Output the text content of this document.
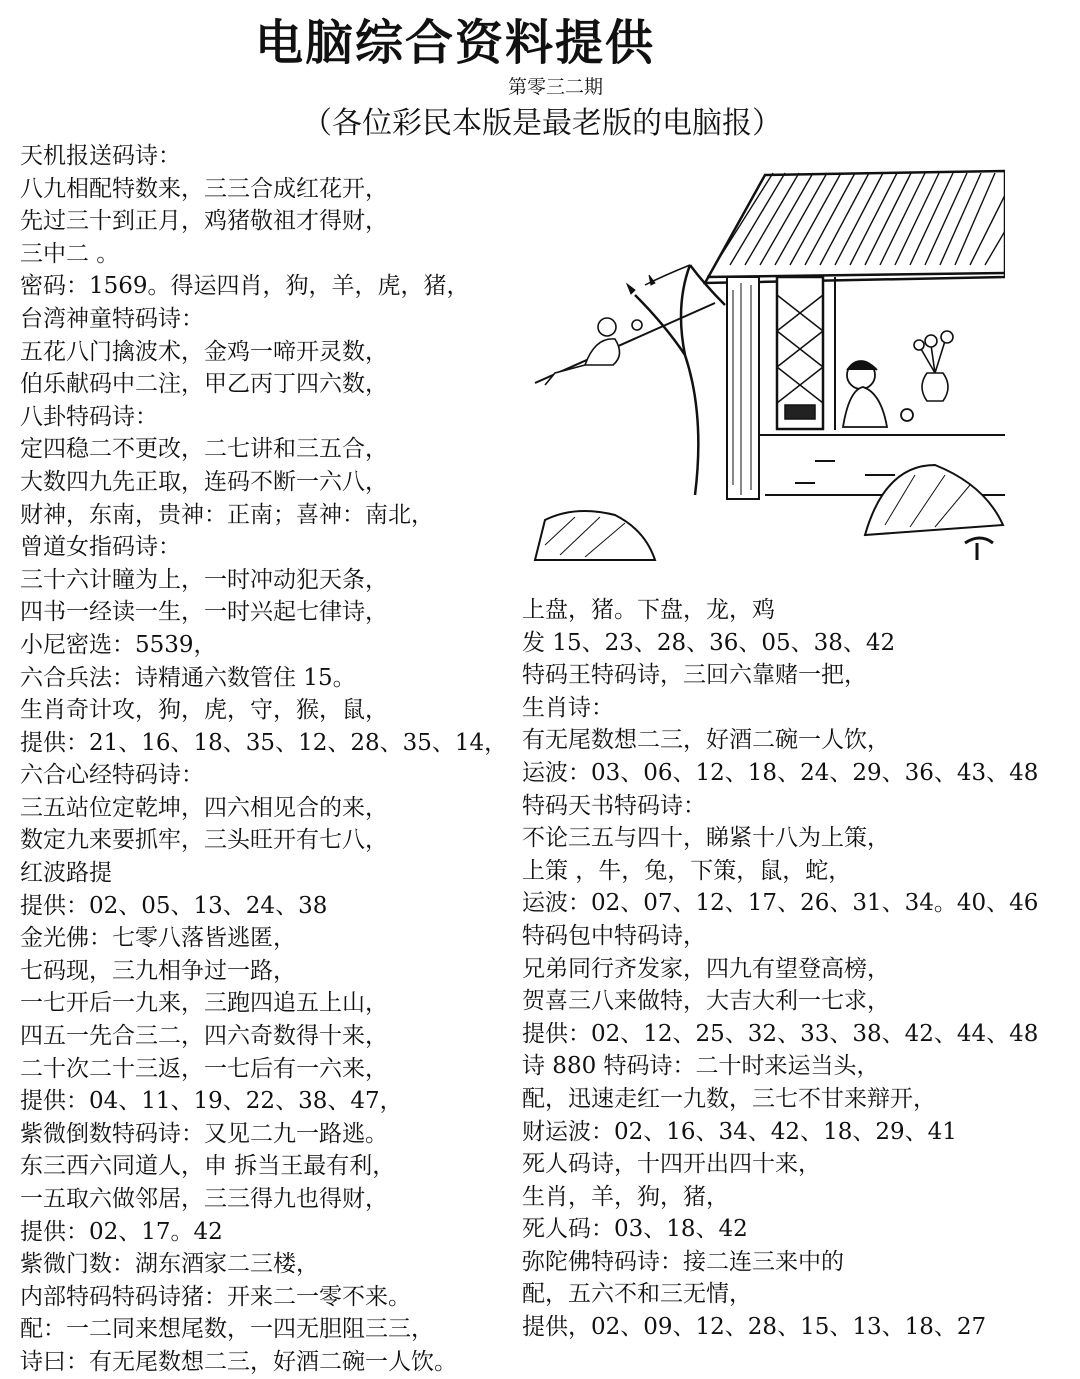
电脑综合资料提供
第零三二期
（各位彩民本版是最老版的电脑报）
天机报送码诗：
八九相配特数来，三三合成红花开，
先过三十到正月，鸡猪敬祖才得财，
三中二 。
密码：1569。得运四肖，狗，羊，虎，猪，
台湾神童特码诗：
五花八门擒波术，金鸡一啼开灵数，
伯乐献码中二注，甲乙丙丁四六数，
八卦特码诗：
定四稳二不更改，二七讲和三五合，
大数四九先正取，连码不断一六八，
财神，东南，贵神：正南；喜神：南北，
曾道女指码诗：
三十六计瞳为上，一时冲动犯天条，
四书一经读一生，一时兴起七律诗，
小尼密选：5539，
六合兵法：诗精通六数管住 15。
生肖奇计攻，狗，虎，守，猴，鼠，
提供：21、16、18、35、12、28、35、14，
六合心经特码诗：
三五站位定乾坤，四六相见合的来，
数定九来要抓牢，三头旺开有七八，
红波路提
提供：02、05、13、24、38
金光佛：七零八落皆逃匿，
七码现，三九相争过一路，
一七开后一九来，三跑四追五上山，
四五一先合三二，四六奇数得十来，
二十次二十三返，一七后有一六来，
提供：04、11、19、22、38、47，
紫微倒数特码诗：又见二九一路逃。
东三西六同道人，申 拆当王最有利，
一五取六做邻居，三三得九也得财，
提供：02、17。42
紫微门数：湖东酒家二三楼，
内部特码特码诗猪：开来二一零不来。
配：一二同来想尾数，一四无胆阻三三，
诗曰：有无尾数想二三，好酒二碗一人饮。
上盘，猪。下盘，龙，鸡
发 15、23、28、36、05、38、42
特码王特码诗，三回六靠赌一把，
生肖诗：
有无尾数想二三，好酒二碗一人饮，
运波：03、06、12、18、24、29、36、43、48
特码天书特码诗：
不论三五与四十，睇紧十八为上策，
上策 ，牛，兔，下策，鼠，蛇，
运波：02、07、12、17、26、31、34。40、46
特码包中特码诗，
兄弟同行齐发家，四九有望登高榜，
贺喜三八来做特，大吉大利一七求，
提供：02、12、25、32、33、38、42、44、48
诗 880 特码诗：二十时来运当头，
配，迅速走红一九数，三七不甘来辩开，
财运波：02、16、34、42、18、29、41
死人码诗，十四开出四十来，
生肖，羊，狗，猪，
死人码：03、18、42
弥陀佛特码诗：接二连三来中的
配，五六不和三无情，
提供，02、09、12、28、15、13、18、27
